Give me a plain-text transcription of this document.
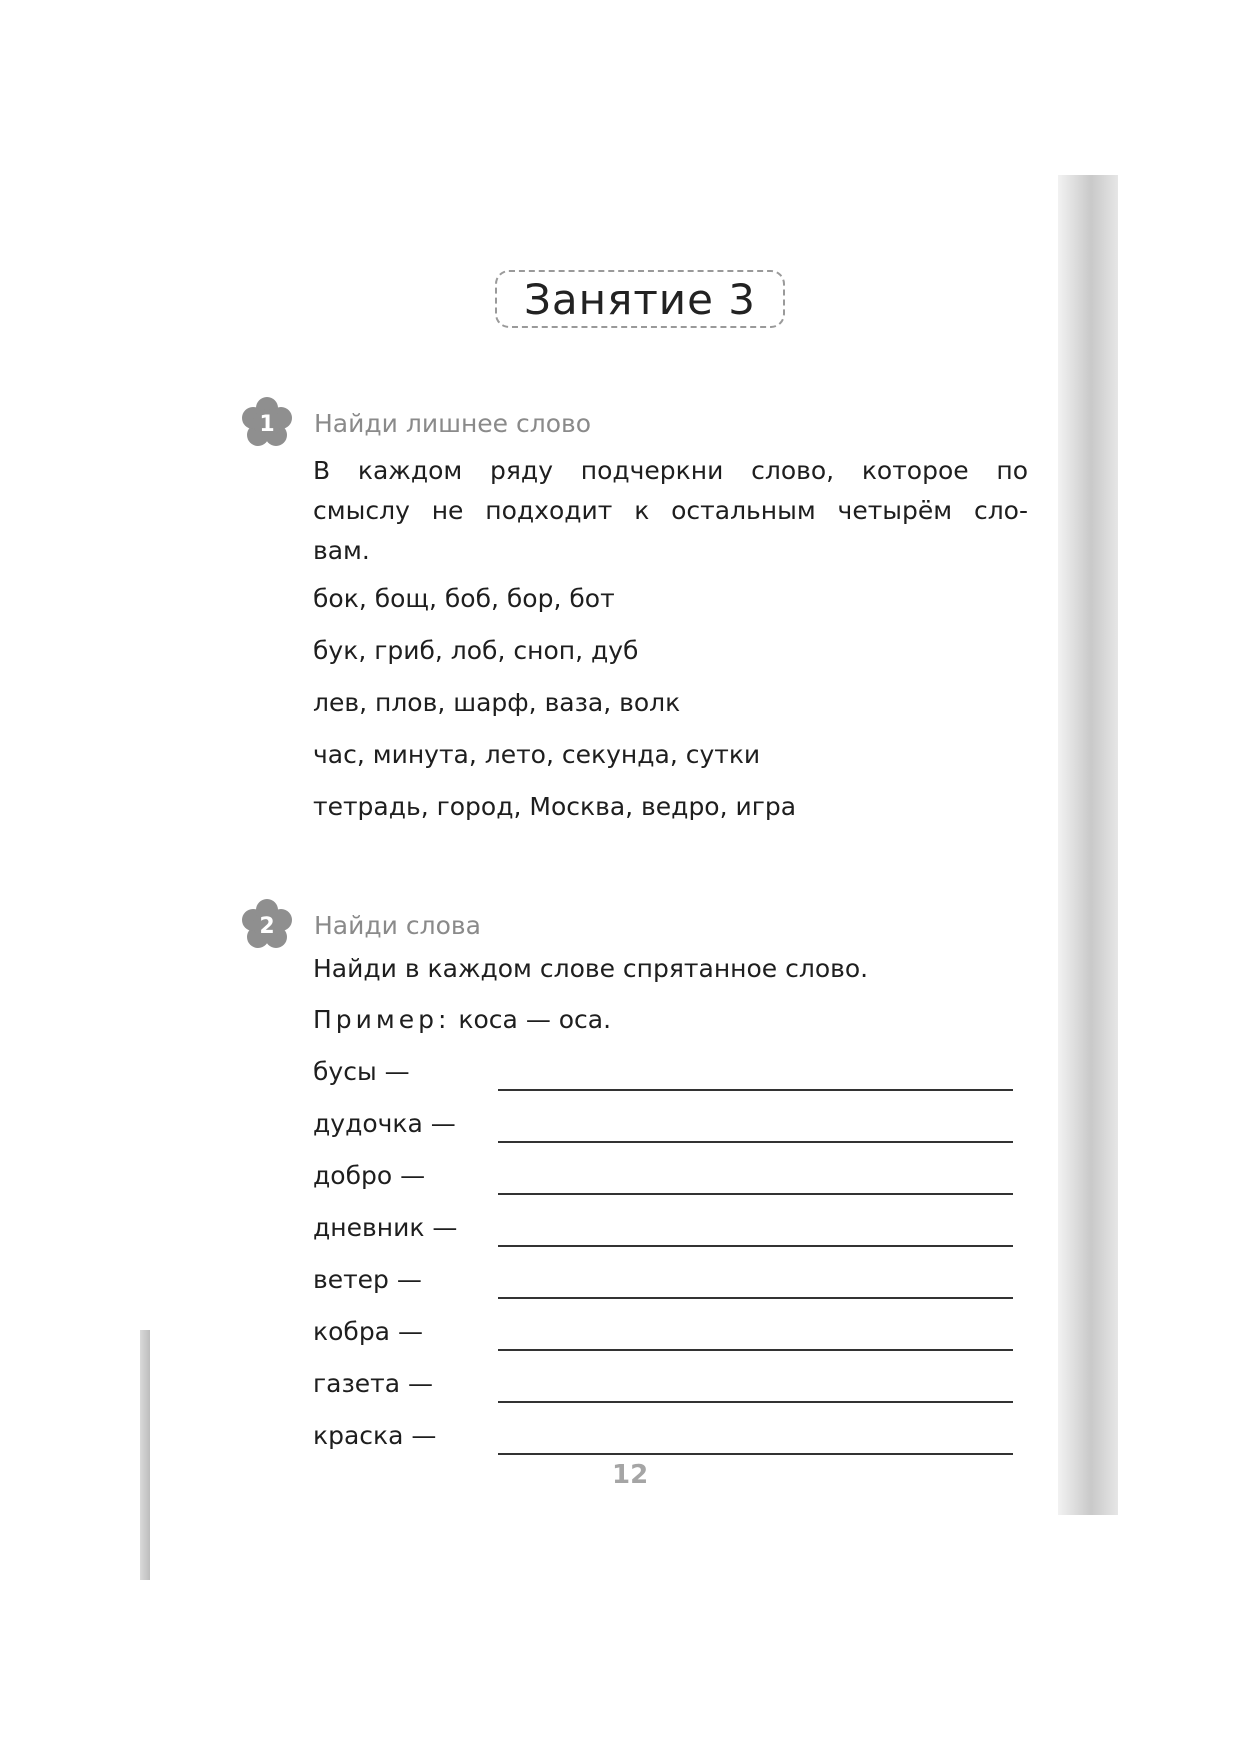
Занятие 3
1 Найди лишнее слово
В каждом ряду подчеркни слово, которое по
смыслу не подходит к остальным четырём сло-
вам.
бок, бощ, боб, бор, бот
бук, гриб, лоб, сноп, дуб
лев, плов, шарф, ваза, волк
час, минута, лето, секунда, сутки
тетрадь, город, Москва, ведро, игра
2 Найди слова
Найди в каждом слове спрятанное слово.
Пример: коса — оса.
бусы —
дудочка —
добро —
дневник —
ветер —
кобра —
газета —
краска —
12
